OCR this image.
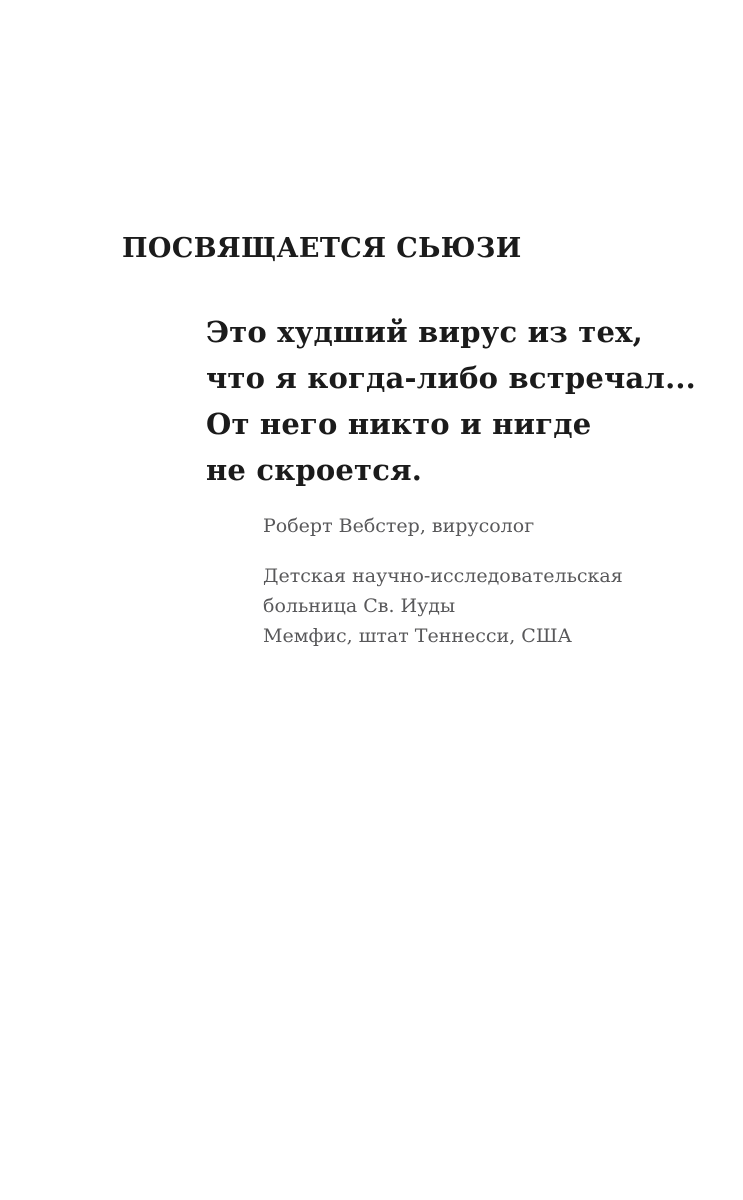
ПОСВЯЩАЕТСЯ СЬЮЗИ

Это худший вирус из тех,

что я когда-либо встречал...

От него никто и нигде

не скроется.

Роберт Вебстер, вирусолог

Детская научно-исследовательская

больница Св. Иуды

Мемфис, штат Теннесси, США
